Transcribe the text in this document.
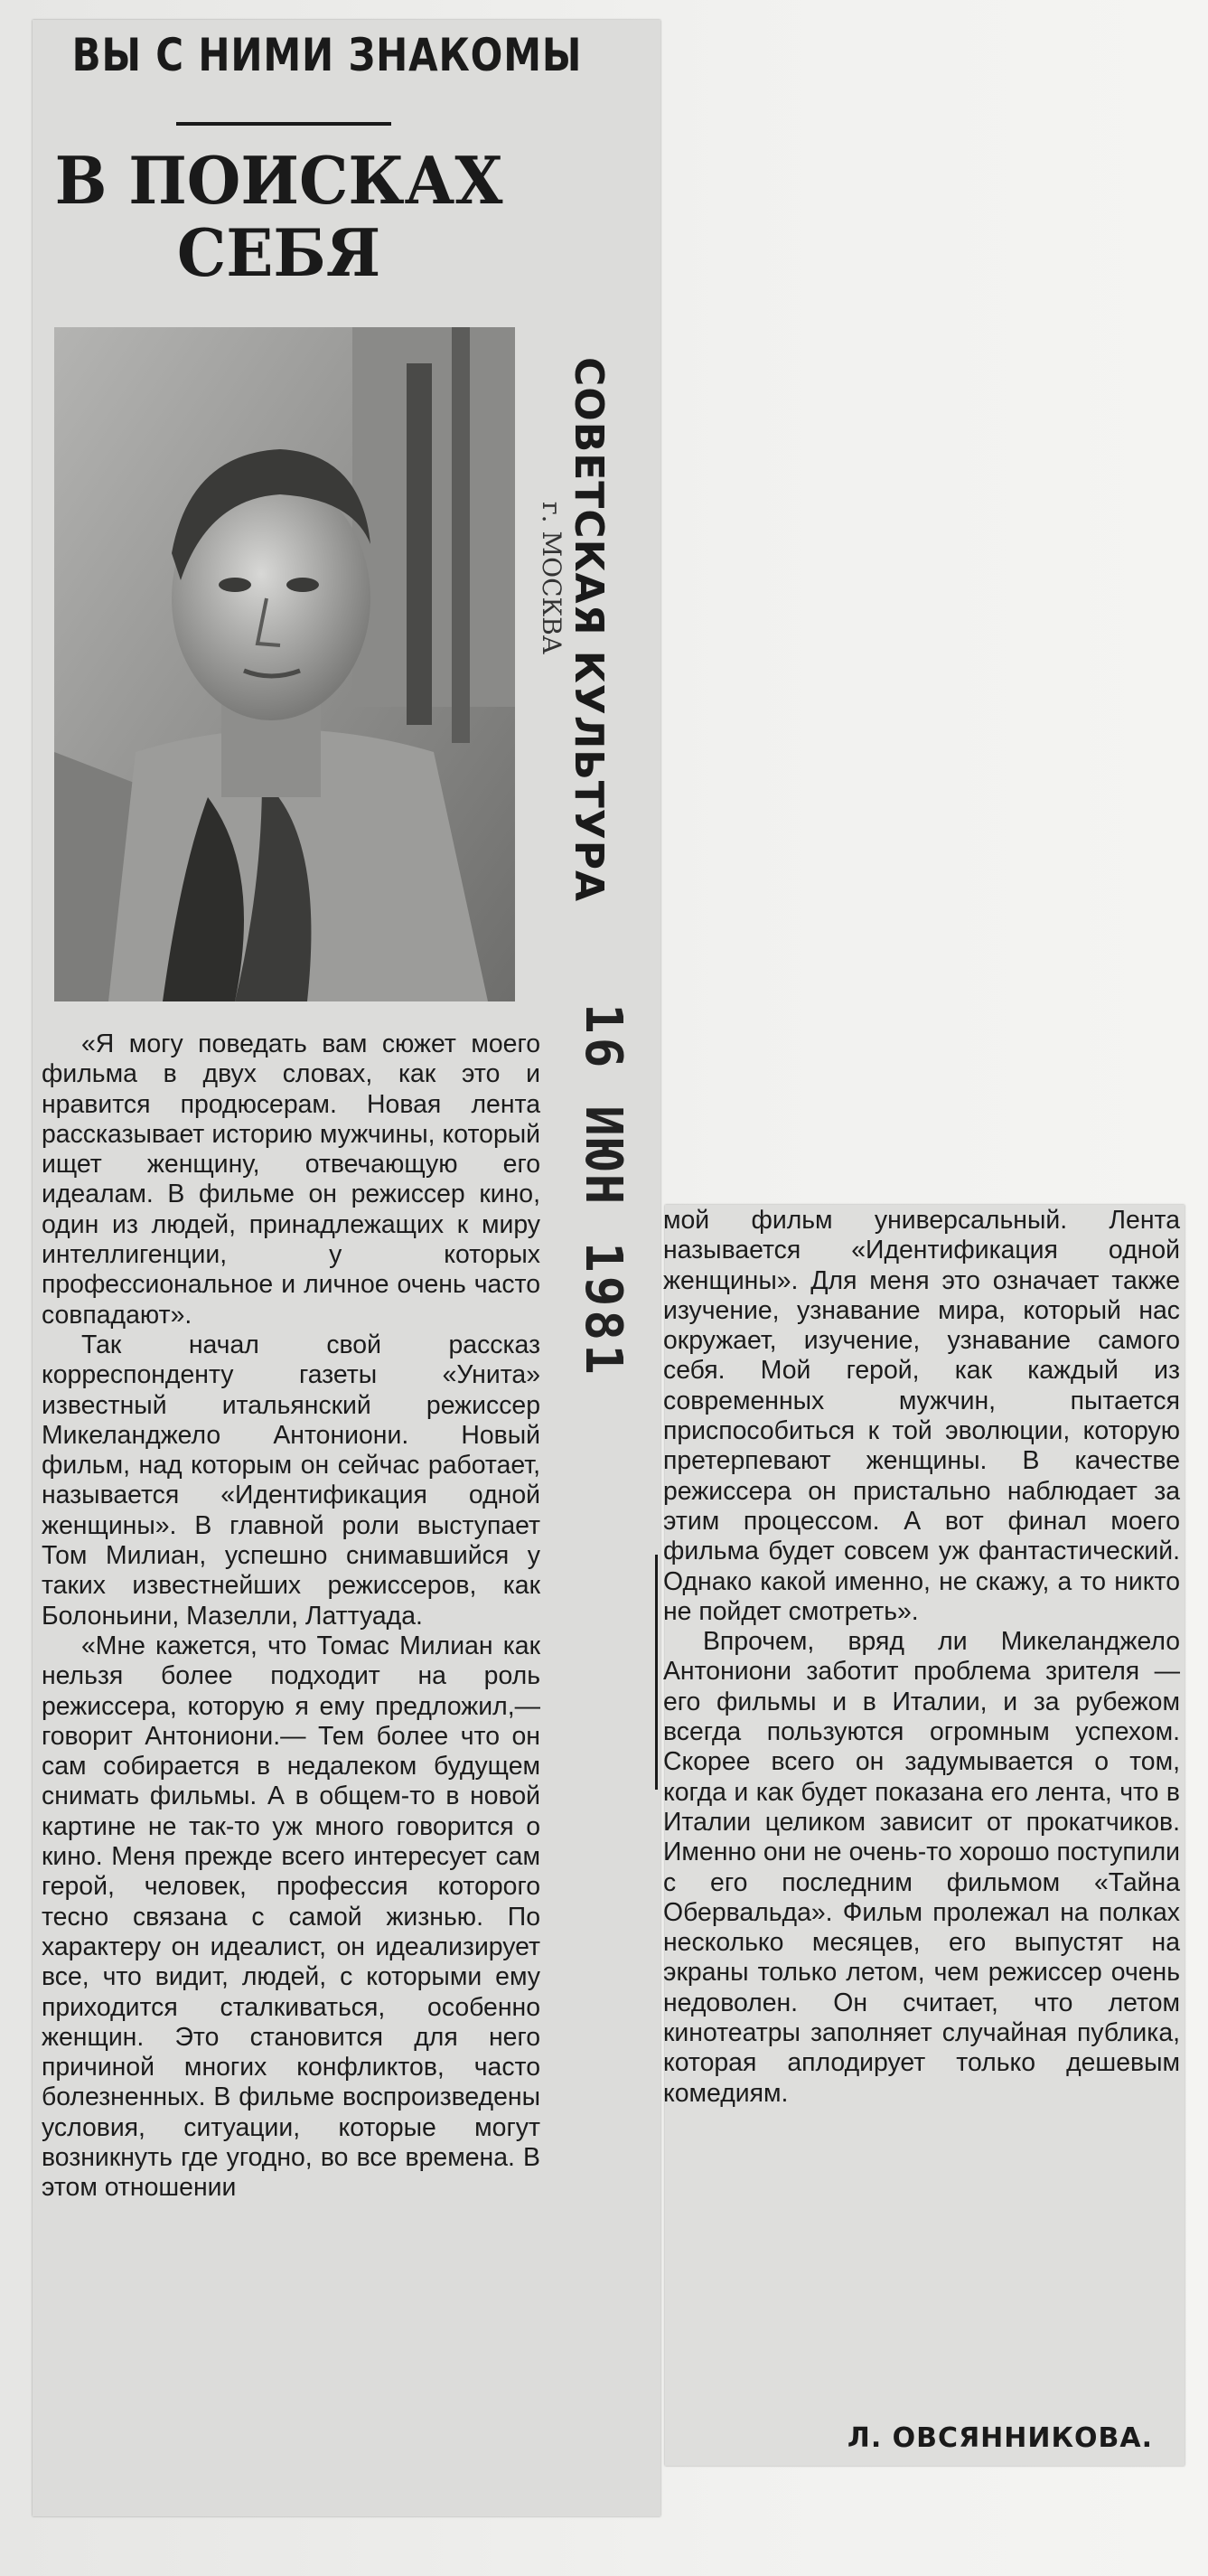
ВЫ С НИМИ ЗНАКОМЫ
В ПОИСКАХ
СЕБЯ
СОВЕТСКАЯ КУЛЬТУРА
г. МОСКВА
16 ИЮН 1981

«Я могу поведать вам сюжет моего фильма в двух словах, как это и нравится продюсерам. Новая лента рассказывает историю мужчины, который ищет женщину, отвечающую его идеалам. В фильме он режиссер кино, один из людей, принадлежащих к миру интеллигенции, у которых профессиональное и личное очень часто совпадают».

Так начал свой рассказ корреспонденту газеты «Унита» известный итальянский режиссер Микеланджело Антониони. Новый фильм, над которым он сейчас работает, называется «Идентификация одной женщины». В главной роли выступает Том Милиан, успешно снимавшийся у таких известнейших режиссеров, как Болоньини, Мазелли, Латтуада.

«Мне кажется, что Томас Милиан как нельзя более подходит на роль режиссера, которую я ему предложил,— говорит Антониони.— Тем более что он сам собирается в недалеком будущем снимать фильмы. А в общем-то в новой картине не так-то уж много говорится о кино. Меня прежде всего интересует сам герой, человек, профессия которого тесно связана с самой жизнью. По характеру он идеалист, он идеализирует все, что видит, людей, с которыми ему приходится сталкиваться, особенно женщин. Это становится для него причиной многих конфликтов, часто болезненных. В фильме воспроизведены условия, ситуации, которые могут возникнуть где угодно, во все времена. В этом отношении

мой фильм универсальный. Лента называется «Идентификация одной женщины». Для меня это означает также изучение, узнавание мира, который нас окружает, изучение, узнавание самого себя. Мой герой, как каждый из современных мужчин, пытается приспособиться к той эволюции, которую претерпевают женщины. В качестве режиссера он пристально наблюдает за этим процессом. А вот финал моего фильма будет совсем уж фантастический. Однако какой именно, не скажу, а то никто не пойдет смотреть».

Впрочем, вряд ли Микеланджело Антониони заботит проблема зрителя — его фильмы и в Италии, и за рубежом всегда пользуются огромным успехом. Скорее всего он задумывается о том, когда и как будет показана его лента, что в Италии целиком зависит от прокатчиков. Именно они не очень-то хорошо поступили с его последним фильмом «Тайна Обервальда». Фильм пролежал на полках несколько месяцев, его выпустят на экраны только летом, чем режиссер очень недоволен. Он считает, что летом кинотеатры заполняет случайная публика, которая аплодирует только дешевым комедиям.

Л. ОВСЯННИКОВА.
